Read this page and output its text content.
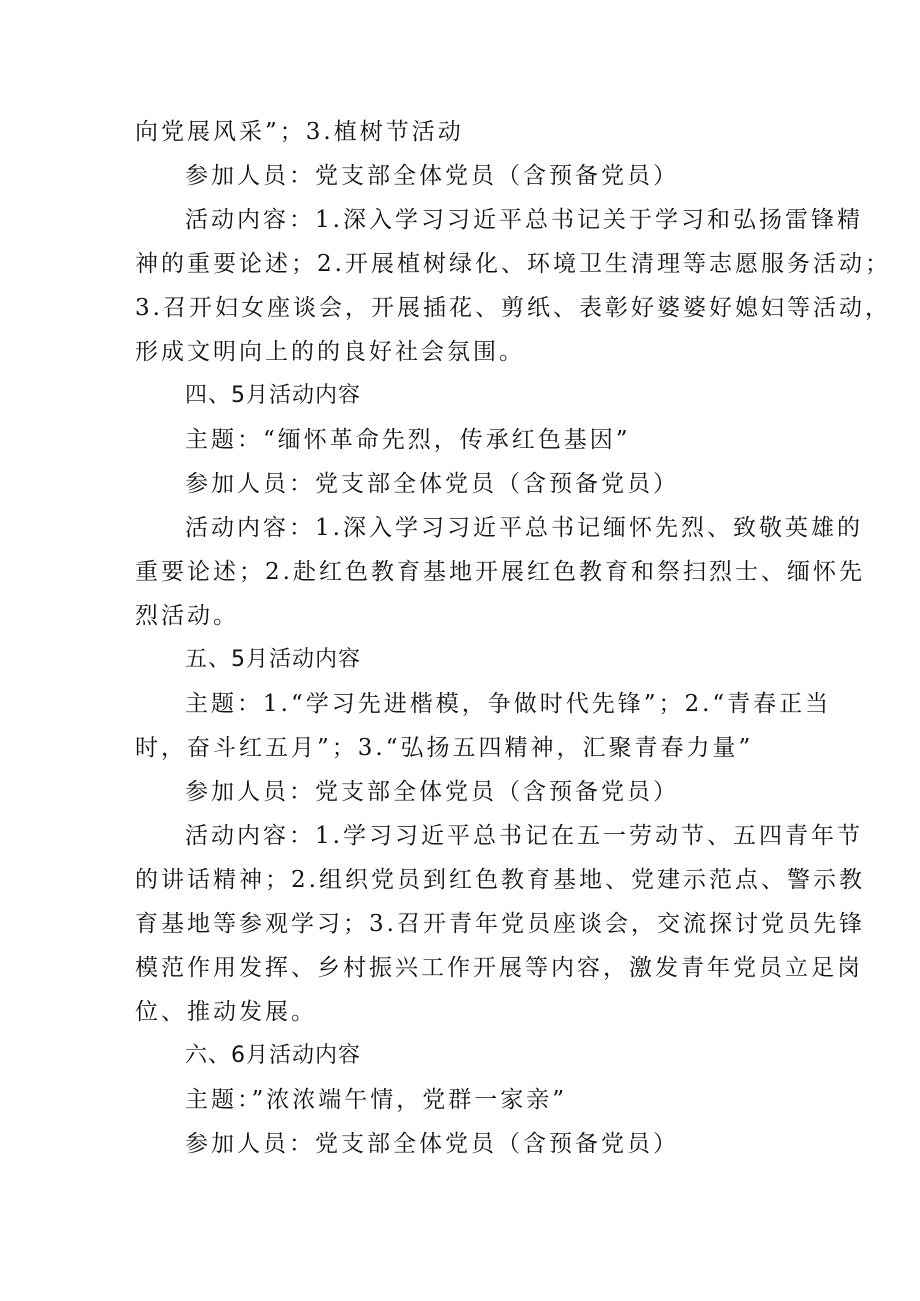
向党展风采”；3.植树节活动
参加人员：党支部全体党员（含预备党员）
活动内容：1.深入学习习近平总书记关于学习和弘扬雷锋精
神的重要论述；2.开展植树绿化、环境卫生清理等志愿服务活动；
3.召开妇女座谈会，开展插花、剪纸、表彰好婆婆好媳妇等活动，
形成文明向上的的良好社会氛围。
四、5月活动内容
主题：“缅怀革命先烈，传承红色基因”
参加人员：党支部全体党员（含预备党员）
活动内容：1.深入学习习近平总书记缅怀先烈、致敬英雄的
重要论述；2.赴红色教育基地开展红色教育和祭扫烈士、缅怀先
烈活动。
五、5月活动内容
主题：1.“学习先进楷模，争做时代先锋”；2.“青春正当
时，奋斗红五月”；3.“弘扬五四精神，汇聚青春力量”
参加人员：党支部全体党员（含预备党员）
活动内容：1.学习习近平总书记在五一劳动节、五四青年节
的讲话精神；2.组织党员到红色教育基地、党建示范点、警示教
育基地等参观学习；3.召开青年党员座谈会，交流探讨党员先锋
模范作用发挥、乡村振兴工作开展等内容，激发青年党员立足岗
位、推动发展。
六、6月活动内容
主题：”浓浓端午情，党群一家亲”
参加人员：党支部全体党员（含预备党员）
